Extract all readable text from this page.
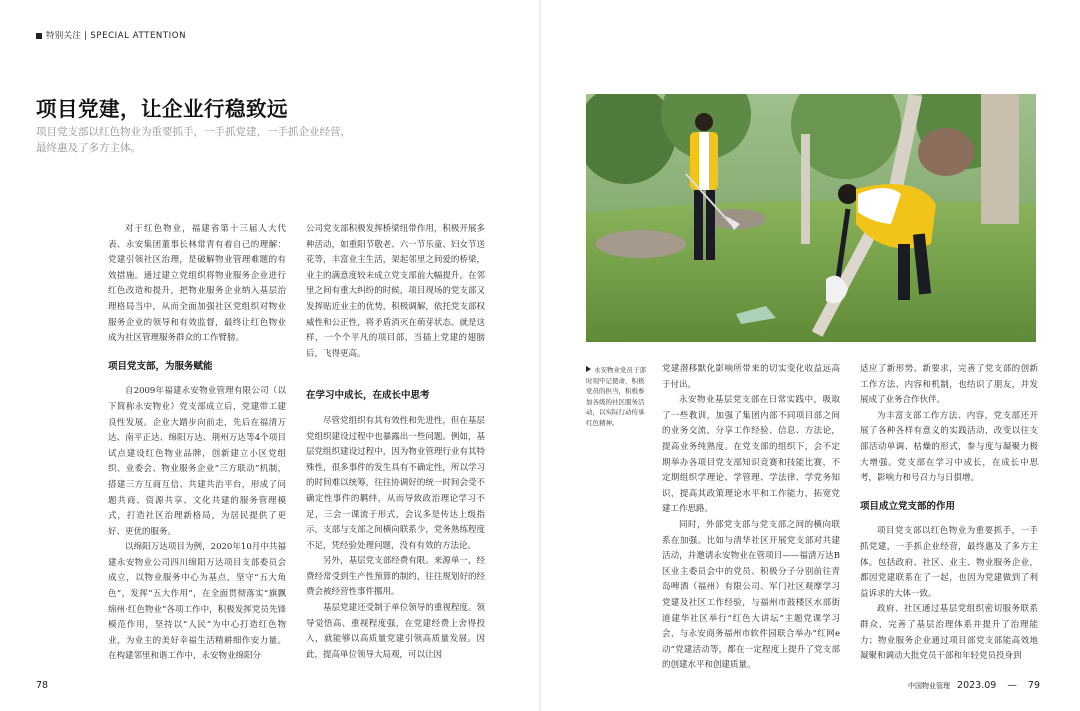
特别关注 | SPECIAL ATTENTION
项目党建，让企业行稳致远

项目党支部以红色物业为重要抓手，一手抓党建，一手抓企业经营，最终惠及了多方主体。

对于红色物业，福建省第十三届人大代表、永安集团董事长林常青有着自己的理解：党建引领社区治理，是破解物业管理难题的有效措施。通过建立党组织将物业服务企业进行红色改造和提升，把物业服务企业纳入基层治理格局当中，从而全面加强社区党组织对物业服务企业的领导和有效监督，最终让红色物业成为社区管理服务群众的工作臂膀。

项目党支部，为服务赋能

自2009年福建永安物业管理有限公司（以下简称永安物业）党支部成立后，党建带工建良性发展。企业大踏步向前走，先后在福清万达、南平正达、绵阳万达、荆州万达等4个项目试点建设红色物业品牌，创新建立小区党组织、业委会、物业服务企业“三方联动”机制，搭建三方互商互信、共建共治平台，形成了问题共商、资源共享、文化共建的服务管理模式，打造社区治理新格局，为居民提供了更好、更优的服务。

以绵阳万达项目为例，2020年10月中共福建永安物业公司四川绵阳万达项目支部委员会成立，以物业服务中心为基点，坚守“五大角色”，发挥“五大作用”，在全面贯彻落实“旗飘绵州·红色物业”各项工作中，积极发挥党员先锋模范作用，坚持以“人民”为中心打造红色物业，为业主的美好幸福生活精耕细作安力量。在构建邻里和谐工作中，永安物业绵阳分

公司党支部积极发挥桥梁纽带作用，积极开展多种活动，如重阳节敬老、六一节乐童、妇女节送花等，丰富业主生活，架起邻里之间爱的桥梁，业主的满意度较未成立党支部前大幅提升。在邻里之间有重大纠纷的时候，项目现场的党支部又发挥贴近业主的优势，积极调解，依托党支部权威性和公正性，将矛盾消灭在萌芽状态。就是这样，一个个平凡的项目部，当插上党建的翅膀后，飞得更高。

在学习中成长，在成长中思考

尽管党组织有其有效性和先进性，但在基层党组织建设过程中也暴露出一些问题。例如，基层党组织建设过程中，因为物业管理行业有其特殊性，很多事件的发生具有不确定性，所以学习的时间难以统筹，往往协调好的统一时间会受不确定性事件的羁绊，从而导致政治理论学习不足，三会一课流于形式，会议多是传达上级指示，支部与支部之间横向联系少，党务熟练程度不足，凭经验处理问题，没有有效的方法论。

另外，基层党支部经费有限。来源单一，经费经常受到生产性预算的制约，往往规划好的经费会被经营性事件挪用。

基层党建还受制于单位领导的重视程度。领导觉悟高、重视程度强，在党建经费上舍得投入，就能够以高质量党建引领高质量发展。因此，提高单位领导大局观，可以让因

78
永安物业党员干部时刻牢记使命，积极党员的担当，积极参加各级的社区服务活动，以实际行动传承红色精神。

党建潜移默化影响所带来的切实变化收益远高于付出。

永安物业基层党支部在日常实践中，吸取了一些教训，加强了集团内部不同项目部之间的业务交流，分享工作经验、信息、方法论，提高业务纯熟度。在党支部的组织下，会不定期举办各项目党支部知识竞赛和技能比赛，不定期组织学理论、学管理、学法律、学党务知识，提高其政策理论水平和工作能力，拓宽党建工作思路。

同时，外部党支部与党支部之间的横向联系在加强。比如与清华社区开展党支部对共建活动，并邀请永安物业在管项目——福清万达B区业主委员会中的党员、积极分子分别前往青岛啤酒（福州）有限公司、军门社区观摩学习党建及社区工作经验，与福州市鼓楼区水部街道建华社区举行“红色大讲坛”主题党课学习会，与永安商务福州市软件园联合举办“红网e动”党建活动等，都在一定程度上提升了党支部的创建水平和创建质量。

适应了新形势、新要求，完善了党支部的创新工作方法、内容和机制，也结识了朋友，并发展成了业务合作伙伴。

为丰富支部工作方法、内容，党支部还开展了各种各样有意义的实践活动，改变以往支部活动单调、枯燥的形式，参与度与凝聚力极大增强。党支部在学习中成长，在成长中思考，影响力和号召力与日俱增。

项目成立党支部的作用

项目党支部以红色物业为重要抓手，一手抓党建，一手抓企业经营，最终惠及了多方主体。包括政府、社区、业主、物业服务企业，都因党建联系在了一起，也因为党建做到了利益诉求的大体一致。

政府、社区通过基层党组织密切服务联系群众，完善了基层治理体系并提升了治理能力；物业服务企业通过项目部党支部能高效地凝聚和调动大批党员干部和年轻党员投身到

中国物业管理 2023.09 — 79
